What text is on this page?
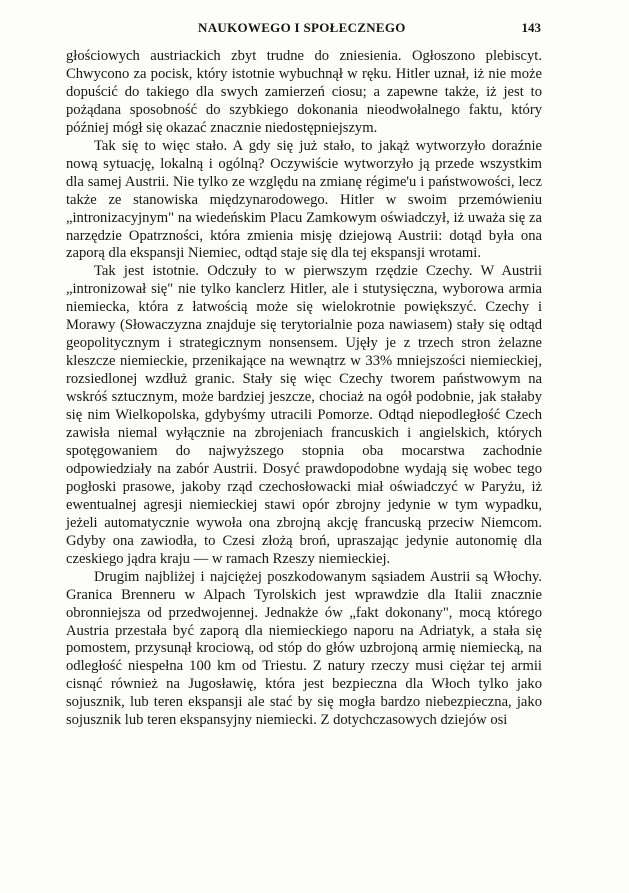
NAUKOWEGO I SPOŁECZNEGO	143

głościowych austriackich zbyt trudne do zniesienia. Ogłoszono plebiscyt. Chwycono za pocisk, który istotnie wybuchnął w ręku. Hitler uznał, iż nie może dopuścić do takiego dla swych zamierzeń ciosu; a zapewne także, iż jest to pożądana sposobność do szybkiego dokonania nieodwołalnego faktu, który później mógł się okazać znacznie niedostępniejszym.

Tak się to więc stało. A gdy się już stało, to jakąż wytworzyło doraźnie nową sytuację, lokalną i ogólną? Oczywiście wytworzyło ją przede wszystkim dla samej Austrii. Nie tylko ze względu na zmianę régime'u i państwowości, lecz także ze stanowiska międzynarodowego. Hitler w swoim przemówieniu „intronizacyjnym" na wiedeńskim Placu Zamkowym oświadczył, iż uważa się za narzędzie Opatrzności, która zmienia misję dziejową Austrii: dotąd była ona zaporą dla ekspansji Niemiec, odtąd staje się dla tej ekspansji wrotami.

Tak jest istotnie. Odczuły to w pierwszym rzędzie Czechy. W Austrii „intronizował się" nie tylko kanclerz Hitler, ale i stutysięczna, wyborowa armia niemiecka, która z łatwością może się wielokrotnie powiększyć. Czechy i Morawy (Słowaczyzna znajduje się terytorialnie poza nawiasem) stały się odtąd geopolitycznym i strategicznym nonsensem. Ujęły je z trzech stron żelazne kleszcze niemieckie, przenikające na wewnątrz w 33% mniejszości niemieckiej, rozsiedlonej wzdłuż granic. Stały się więc Czechy tworem państwowym na wskróś sztucznym, może bardziej jeszcze, chociaż na ogół podobnie, jak stałaby się nim Wielkopolska, gdybyśmy utracili Pomorze. Odtąd niepodległość Czech zawisła niemal wyłącznie na zbrojeniach francuskich i angielskich, których spotęgowaniem do najwyższego stopnia oba mocarstwa zachodnie odpowiedziały na zabór Austrii. Dosyć prawdopodobne wydają się wobec tego pogłoski prasowe, jakoby rząd czechosłowacki miał oświadczyć w Paryżu, iż ewentualnej agresji niemieckiej stawi opór zbrojny jedynie w tym wypadku, jeżeli automatycznie wywoła ona zbrojną akcję francuską przeciw Niemcom. Gdyby ona zawiodła, to Czesi złożą broń, upraszając jedynie autonomię dla czeskiego jądra kraju — w ramach Rzeszy niemieckiej.

Drugim najbliżej i najciężej poszkodowanym sąsiadem Austrii są Włochy. Granica Brenneru w Alpach Tyrolskich jest wprawdzie dla Italii znacznie obronniejsza od przedwojennej. Jednakże ów „fakt dokonany", mocą którego Austria przestała być zaporą dla niemieckiego naporu na Adriatyk, a stała się pomostem, przysunął krociową, od stóp do głów uzbrojoną armię niemiecką, na odległość niespełna 100 km od Triestu. Z natury rzeczy musi ciężar tej armii cisnąć również na Jugosławię, która jest bezpieczna dla Włoch tylko jako sojusznik, lub teren ekspansji ale stać by się mogła bardzo niebezpieczna, jako sojusznik lub teren ekspansyjny niemiecki. Z dotychczasowych dziejów osi
